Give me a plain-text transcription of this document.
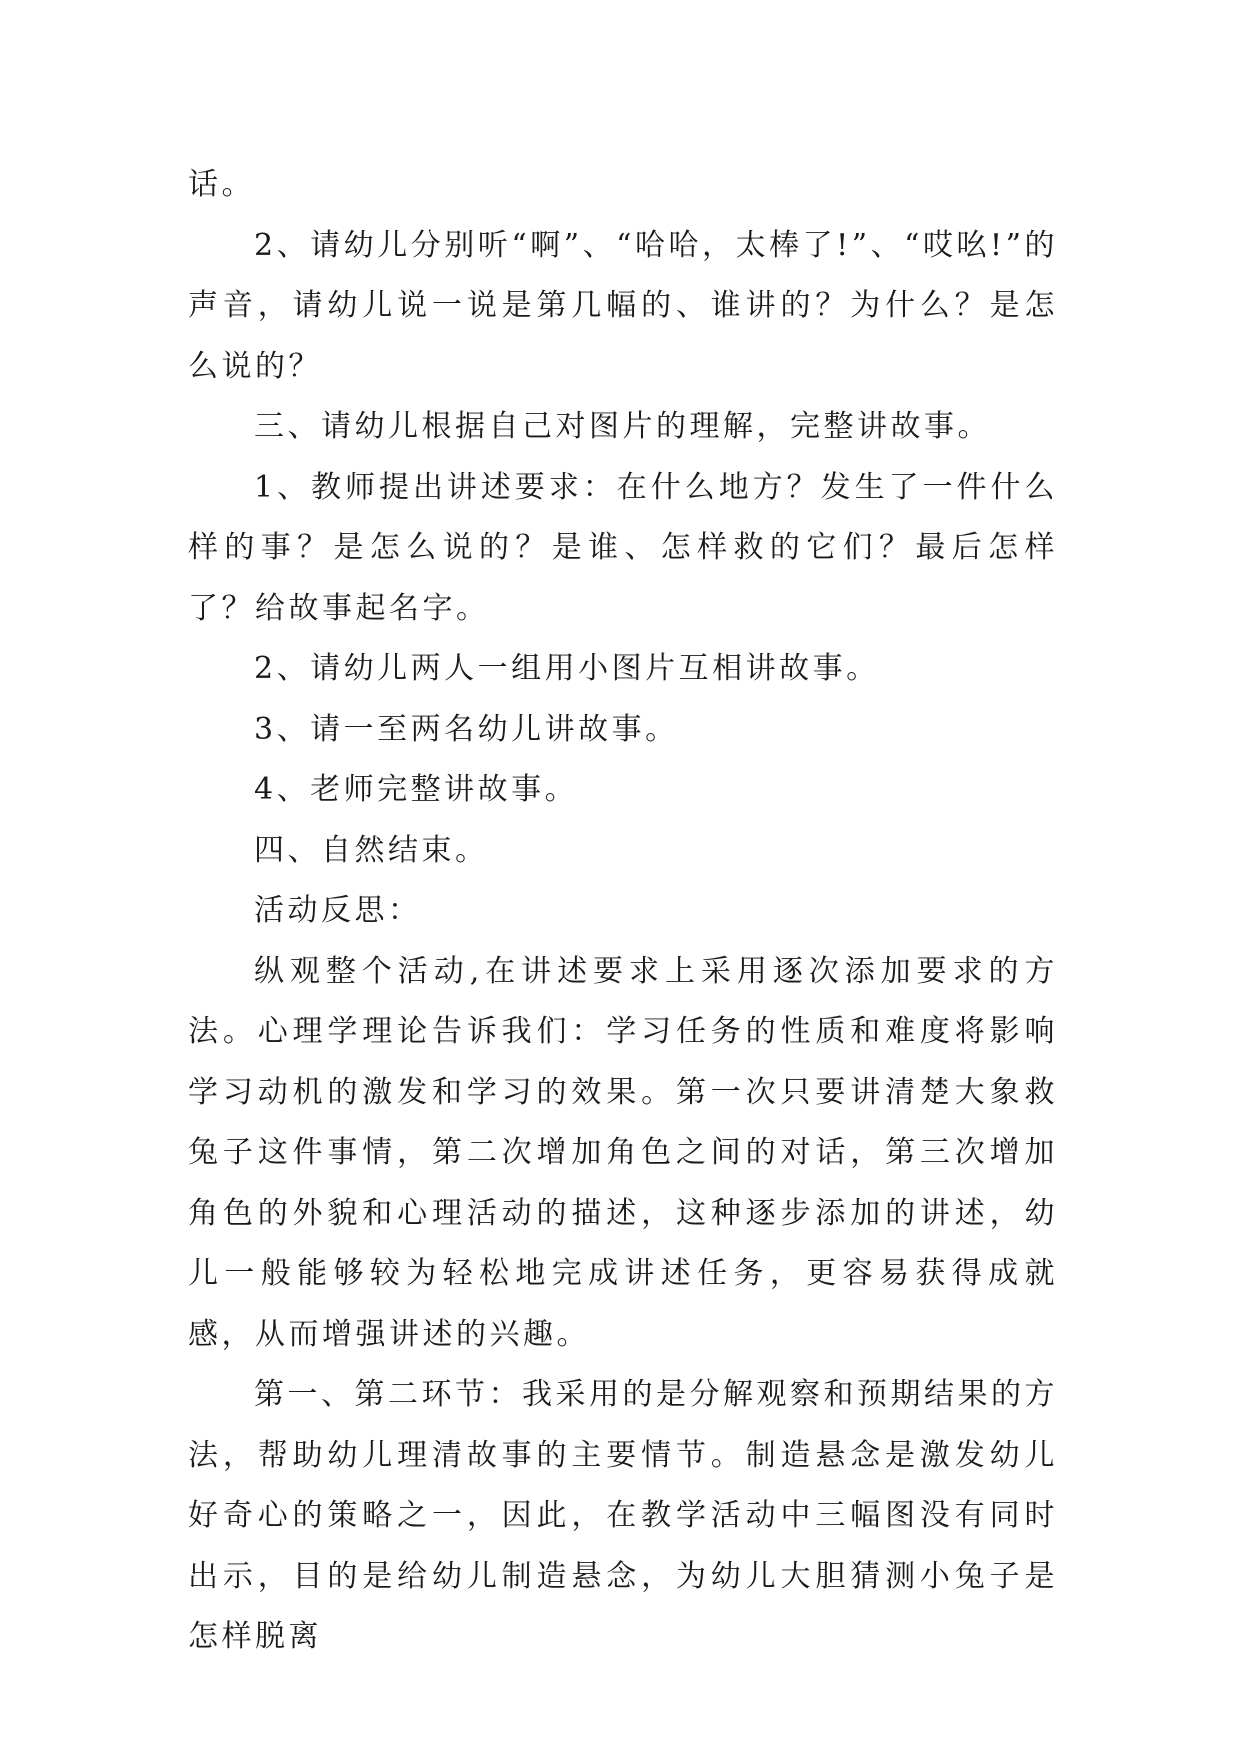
话。

2、请幼儿分别听“啊”、“哈哈，太棒了!”、“哎吆!”的声音，请幼儿说一说是第几幅的、谁讲的？为什么？是怎么说的？

三、请幼儿根据自己对图片的理解，完整讲故事。

1、教师提出讲述要求：在什么地方？发生了一件什么样的事？是怎么说的？是谁、怎样救的它们？最后怎样了？给故事起名字。

2、请幼儿两人一组用小图片互相讲故事。

3、请一至两名幼儿讲故事。

4、老师完整讲故事。

四、自然结束。

活动反思：

纵观整个活动,在讲述要求上采用逐次添加要求的方法。心理学理论告诉我们：学习任务的性质和难度将影响学习动机的激发和学习的效果。第一次只要讲清楚大象救兔子这件事情，第二次增加角色之间的对话，第三次增加角色的外貌和心理活动的描述，这种逐步添加的讲述，幼儿一般能够较为轻松地完成讲述任务，更容易获得成就感，从而增强讲述的兴趣。

第一、第二环节：我采用的是分解观察和预期结果的方法，帮助幼儿理清故事的主要情节。制造悬念是激发幼儿好奇心的策略之一，因此，在教学活动中三幅图没有同时出示，目的是给幼儿制造悬念，为幼儿大胆猜测小兔子是怎样脱离
